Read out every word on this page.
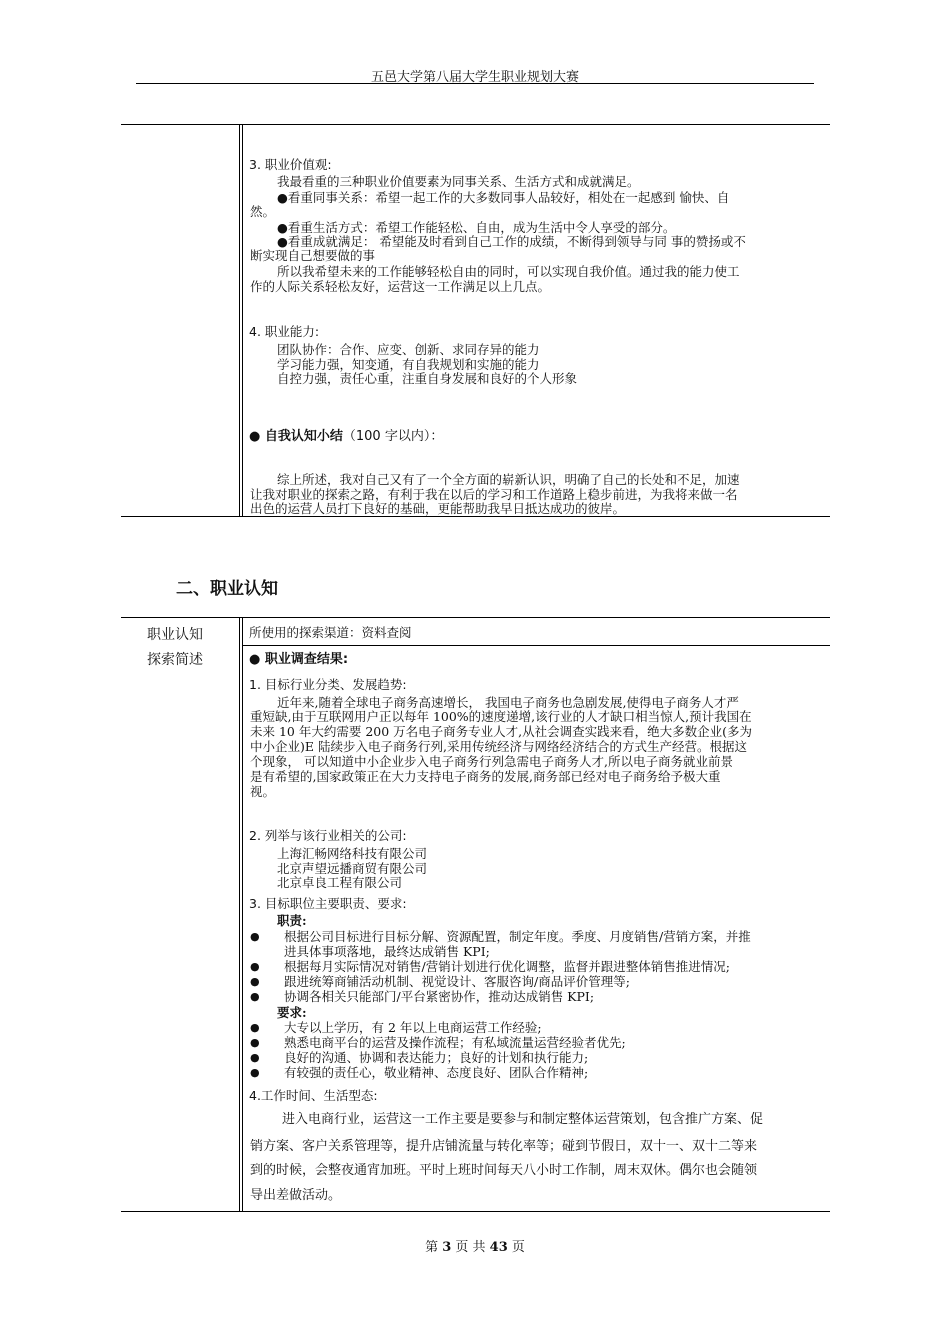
五邑大学第八届大学生职业规划大赛
3. 职业价值观:
我最看重的三种职业价值要素为同事关系、生活方式和成就满足。
●看重同事关系：希望一起工作的大多数同事人品较好，相处在一起感到 愉快、自
然。
●看重生活方式：希望工作能轻松、自由，成为生活中令人享受的部分。
●看重成就满足： 希望能及时看到自己工作的成绩，不断得到领导与同 事的赞扬或不
断实现自己想要做的事
所以我希望未来的工作能够轻松自由的同时，可以实现自我价值。通过我的能力使工
作的人际关系轻松友好，运营这一工作满足以上几点。
4. 职业能力:
团队协作：合作、应变、创新、求同存异的能力
学习能力强，知变通，有自我规划和实施的能力
自控力强，责任心重，注重自身发展和良好的个人形象
● 自我认知小结（100 字以内）：
综上所述，我对自己又有了一个全方面的崭新认识，明确了自己的长处和不足，加速
让我对职业的探索之路，有利于我在以后的学习和工作道路上稳步前进，为我将来做一名
出色的运营人员打下良好的基础，更能帮助我早日抵达成功的彼岸。
二、职业认知
职业认知
探索简述
所使用的探索渠道：资料查阅
● 职业调查结果:
1. 目标行业分类、发展趋势:
近年来,随着全球电子商务高速增长， 我国电子商务也急剧发展,使得电子商务人才严
重短缺,由于互联网用户正以每年 100%的速度递增,该行业的人才缺口相当惊人,预计我国在
未来 10 年大约需要 200 万名电子商务专业人才,从社会调查实践来看，绝大多数企业(多为
中小企业)E 陆续步入电子商务行列,采用传统经济与网络经济结合的方式生产经营。根据这
个现象， 可以知道中小企业步入电子商务行列急需电子商务人才,所以电子商务就业前景
是有希望的,国家政策正在大力支持电子商务的发展,商务部已经对电子商务给予极大重
视。
2. 列举与该行业相关的公司:
上海汇畅网络科技有限公司
北京声望远播商贸有限公司
北京卓良工程有限公司
3. 目标职位主要职责、要求:
职责:
● 根据公司目标进行目标分解、资源配置，制定年度。季度、月度销售/营销方案，并推
进具体事项落地，最终达成销售 KPI;
● 根据每月实际情况对销售/营销计划进行优化调整，监督并跟进整体销售推进情况;
● 跟进统筹商铺活动机制、视觉设计、客服咨询/商品评价管理等;
● 协调各相关只能部门/平台紧密协作，推动达成销售 KPI;
要求:
● 大专以上学历，有 2 年以上电商运营工作经验;
● 熟悉电商平台的运营及操作流程；有私域流量运营经验者优先;
● 良好的沟通、协调和表达能力；良好的计划和执行能力;
● 有较强的责任心，敬业精神、态度良好、团队合作精神;
4.工作时间、生活型态:
进入电商行业，运营这一工作主要是要参与和制定整体运营策划，包含推广方案、促
销方案、客户关系管理等，提升店铺流量与转化率等；碰到节假日，双十一、双十二等来
到的时候，会整夜通宵加班。平时上班时间每天八小时工作制，周末双休。偶尔也会随领
导出差做活动。
第 3 页 共 43 页
